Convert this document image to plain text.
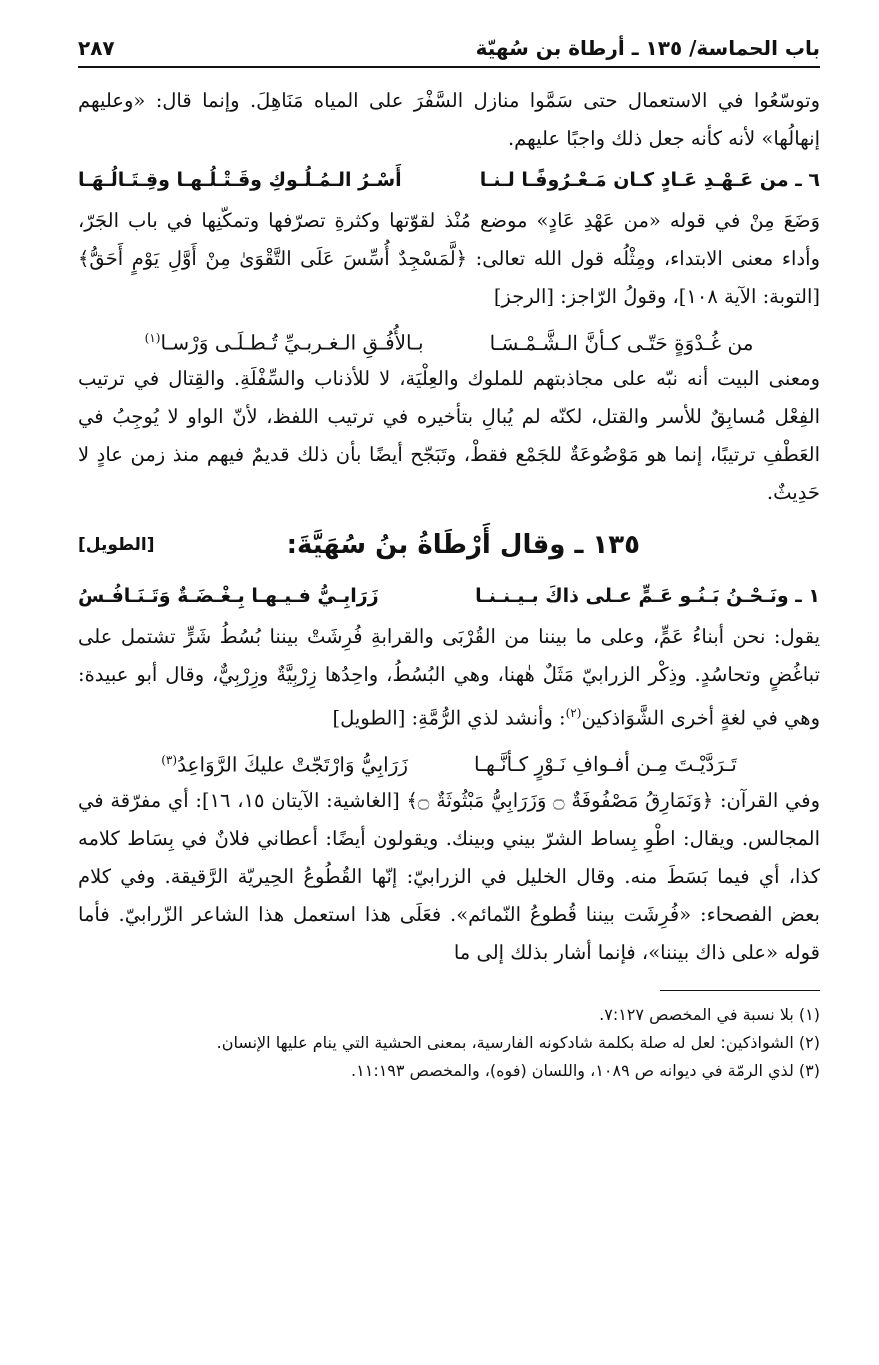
باب الحماسة/ ١٣٥ ـ أرطاة بن سُهيّة
٢٨٧

وتوسّعُوا في الاستعمال حتى سَمَّوا منازل السَّفْرَ على المياه مَنَاهِلَ. وإنما قال: «وعليهم إنهالُها» لأنه كأنه جعل ذلك واجبًا عليهم.

٦ ـ من عَـهْـدِ عَـادٍ كـان مَـعْـرُوفًـا لـنـا
أَسْـرُ الـمُـلُـوكِ وقَـتْـلُـهـا وقِـتَـالُـهَـا

وَضَعَ مِنْ في قوله «من عَهْدِ عَادٍ» موضع مُنْذ لقوّتها وكثرةِ تصرّفها وتمكّنِها في باب الجَرّ، وأداء معنى الابتداء، ومِثْلُه قول الله تعالى: ﴿لَّمَسْجِدٌ أُسِّسَ عَلَى التَّقْوَىٰ مِنْ أَوَّلِ يَوْمٍ أَحَقُّ﴾ [التوبة: الآية ١٠٨]، وقولُ الرّاجز: [الرجز]

من غُـدْوَةٍ حَتّـى كـأنَّ الـشَّـمْـسَـا
بـالأُفُـقِ الـغـربـيِّ تُـطـلَـى وَرْسـا$^{(١)}$

ومعنى البيت أنه نبّه على مجاذبتهم للملوك والعِلْيَة، لا للأذناب والسِّفْلَةِ. والقِتال في ترتيب الفِعْل مُسابِقٌ للأسر والقتل، لكنّه لم يُبالِ بتأخيره في ترتيب اللفظ، لأنّ الواو لا يُوجِبُ في العَطْفِ ترتيبًا، إنما هو مَوْضُوعَةٌ للجَمْع فقطْ، وتَبَجّح أيضًا بأن ذلك قديمٌ فيهم منذ زمن عادٍ لا حَدِيثٌ.

١٣٥ ـ وقال أَرْطَاةُ بنُ سُهَيَّةَ:
[الطويل]
١ ـ ونَـحْـنُ بَـنُـو عَـمٍّ عـلى ذاكَ بـيـنـنـا
زَرَابِـيُّ فـيـهـا بِـغْـضَـةٌ وَتَـنَـافُـسُ

يقول: نحن أبناءُ عَمٍّ، وعلى ما بيننا من القُرْبَى والقرابةِ فُرِشَتْ بيننا بُسُطُ شَرٍّ تشتمل على تباغُضٍ وتحاسُدٍ. وذِكْر الزرابيّ مَثَلٌ هٰهنا، وهي البُسُطُ، واحِدُها زِرْبِيَّةٌ وزِرْبِيٌّ، وقال أبو عبيدة: وهي في لغةٍ أخرى الشَّوَاذكين$^{(٢)}$: وأنشد لذي الرُّمَّةِ: [الطويل]

تَـرَدَّيْـتَ مِـن أفـوافِ نَـوْرٍ كـأنَّـهـا
زَرَابِيُّ وَارْتَجّتْ عليكَ الرَّوَاعِدُ$^{(٣)}$

وفي القرآن: ﴿وَنَمَارِقُ مَصْفُوفَةٌ ۝ وَزَرَابِيُّ مَبْثُوثَةٌ ۝﴾ [الغاشية: الآيتان ١٥، ١٦]: أي مفرّقة في المجالس. ويقال: اطْوِ بِساط الشرّ بيني وبينك. ويقولون أيضًا: أعطاني فلانٌ في بِسَاط كلامه كذا، أي فيما بَسَطَ منه. وقال الخليل في الزرابيّ: إنّها القُطُوعُ الحِيريّة الرَّقيقة. وفي كلام بعض الفصحاء: «فُرِشَت بيننا قُطوعُ النّمائم». فعَلَى هذا استعمل هذا الشاعر الزّرابيّ. فأما قوله «على ذاك بيننا»، فإنما أشار بذلك إلى ما

(١) بلا نسبة في المخصص ٧:١٢٧.
(٢) الشواذكين: لعل له صلة بكلمة شادكونه الفارسية، بمعنى الحشية التي ينام عليها الإنسان.
(٣) لذي الرمّة في ديوانه ص ١٠٨٩، واللسان (فوه)، والمخصص ١١:١٩٣.
